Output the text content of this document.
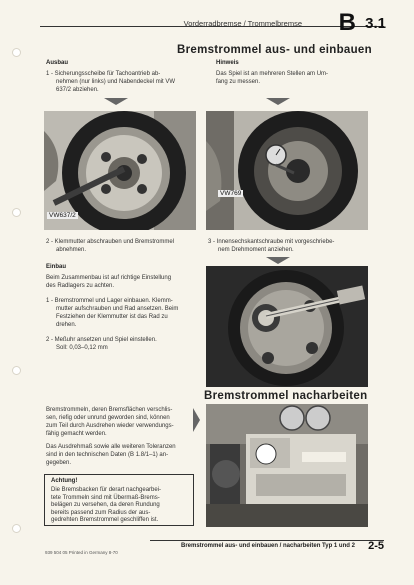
Vorderradbremse / Trommelbremse B 3.1
Bremstrommel aus- und einbauen
Ausbau
1 - Sicherungsscheibe für Tachoantrieb ab-
nehmen (nur links) und Nabendeckel mit VW
637/2 abziehen.
Hinweis
Das Spiel ist an mehreren Stellen am Um-
fang zu messen.
VW637/2
VW769
2 - Klemmutter abschrauben und Bremstrommel
abnehmen.
3 - Innensechskantschraube mit vorgeschriebe-
nem Drehmoment anziehen.
Einbau
Beim Zusammenbau ist auf richtige Einstellung
des Radlagers zu achten.
1 - Bremstrommel und Lager einbauen. Klemm-
mutter aufschrauben und Rad ansetzen. Beim
Festziehen der Klemmutter ist das Rad zu
drehen.
2 - Meßuhr ansetzen und Spiel einstellen.
Soll: 0,03–0,12 mm
Bremstrommel nacharbeiten
Bremstrommeln, deren Bremsflächen verschlis-
sen, riefig oder unrund geworden sind, können
zum Teil durch Ausdrehen wieder verwendungs-
fähig gemacht werden.
Das Ausdrehmaß sowie alle weiteren Toleranzen
sind in den technischen Daten (B 1.8/1–1) an-
gegeben.
Achtung!
Die Bremsbacken für derart nachgearbei-
tete Trommeln sind mit Übermaß-Brems-
belägen zu versehen, da deren Rundung
bereits passend zum Radius der aus-
gedrehten Bremstrommel geschliffen ist.
Bremstrommel aus- und einbauen / nacharbeiten Typ 1 und 2 2-5
939 504 05 Printed in Germany 8-70
